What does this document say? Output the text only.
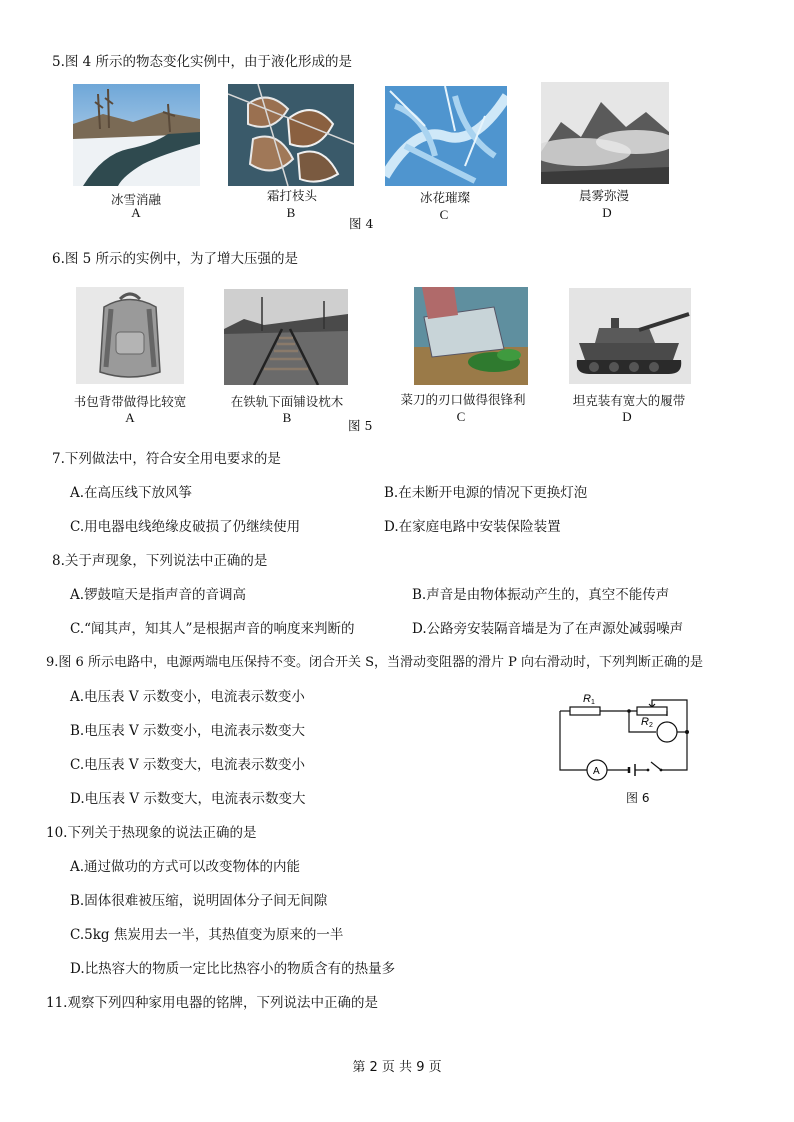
5.图 4 所示的物态变化实例中，由于液化形成的是
冰雪消融	霜打枝头	冰花璀璨	晨雾弥漫
A	B	C	D
图 4
6.图 5 所示的实例中，为了增大压强的是
书包背带做得比较宽	在铁轨下面铺设枕木	菜刀的刃口做得很锋利	坦克装有宽大的履带
A	B	C	D
图 5
7.下列做法中，符合安全用电要求的是
A.在高压线下放风筝	B.在未断开电源的情况下更换灯泡
C.用电器电线绝缘皮破损了仍继续使用	D.在家庭电路中安装保险装置
8.关于声现象，下列说法中正确的是
A.锣鼓喧天是指声音的音调高	B.声音是由物体振动产生的，真空不能传声
C.“闻其声，知其人”是根据声音的响度来判断的	D.公路旁安装隔音墙是为了在声源处减弱噪声
9.图 6 所示电路中，电源两端电压保持不变。闭合开关 S，当滑动变阻器的滑片 P 向右滑动时，下列判断正确的是
A.电压表 V 示数变小，电流表示数变小
B.电压表 V 示数变小，电流表示数变大
C.电压表 V 示数变大，电流表示数变小
D.电压表 V 示数变大，电流表示数变大
R1
R2
A
图 6
10.下列关于热现象的说法正确的是
A.通过做功的方式可以改变物体的内能
B.固体很难被压缩，说明固体分子间无间隙
C.5kg 焦炭用去一半，其热值变为原来的一半
D.比热容大的物质一定比比热容小的物质含有的热量多
11.观察下列四种家用电器的铭牌，下列说法中正确的是
第 2 页 共 9 页
